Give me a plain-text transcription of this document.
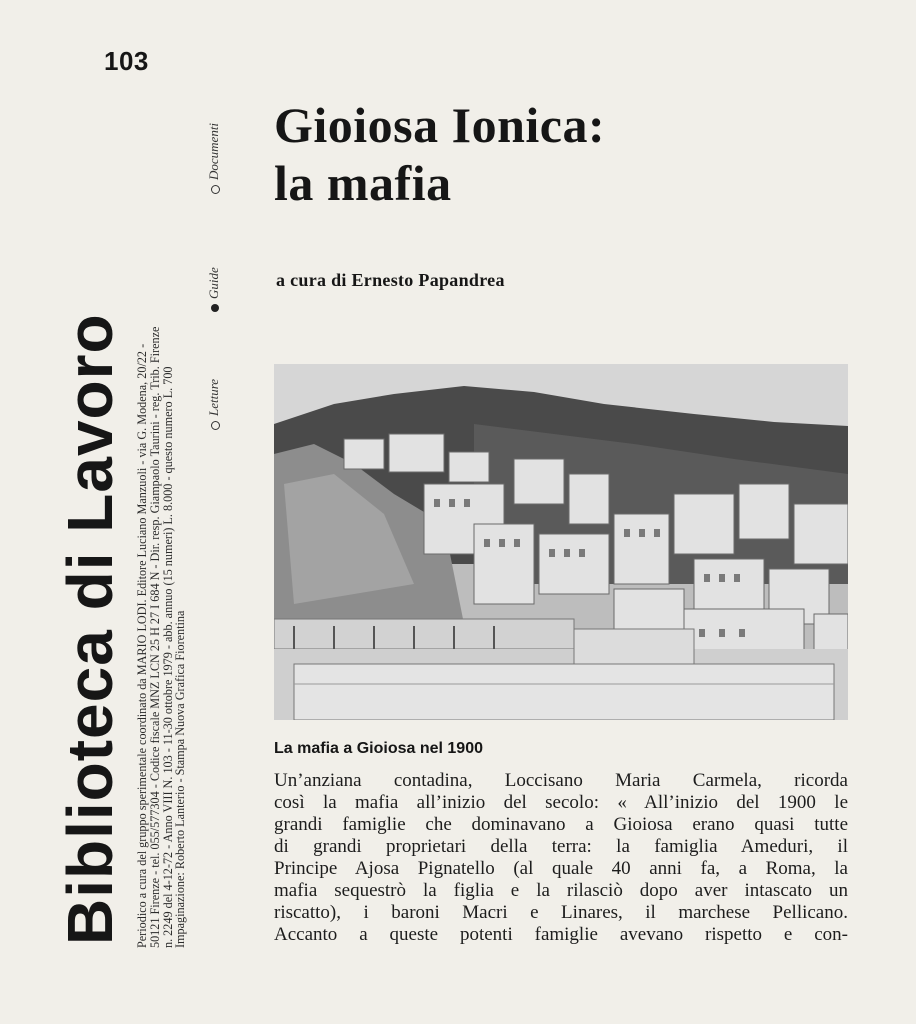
103
Biblioteca di Lavoro Periodico a cura del gruppo sperimentale coordinato da MARIO LODI. Editore Luciano Manzuoli - via G. Modena, 20/22 -
50121 Firenze - tel. 055/577304 - Codice fiscale MNZ LCN 25 H 27 I 684 N - Dir. resp. Giampaolo Taurini - reg. Trib. Firenze
n. 2249 del 4-12-72 - Anno VIII N. 103 - 11-30 ottobre 1979 - abb. annuo (15 numeri) L. 8.000 - questo numero L. 700
Impaginazione: Roberto Lanterio - Stampa Nuova Grafica Fiorentina
Letture
Guide
Documenti Gioiosa Ionica:
la mafia
a cura di Ernesto Papandrea
La mafia a Gioiosa nel 1900
Un’anziana contadina, Loccisano Maria Carmela, ricorda
così la mafia all’inizio del secolo: « All’inizio del 1900 le
grandi famiglie che dominavano a Gioiosa erano quasi tutte
di grandi proprietari della terra: la famiglia Ameduri, il
Principe Ajosa Pignatello (al quale 40 anni fa, a Roma, la
mafia sequestrò la figlia e la rilasciò dopo aver intascato un
riscatto), i baroni Macri e Linares, il marchese Pellicano.
Accanto a queste potenti famiglie avevano rispetto e con-
